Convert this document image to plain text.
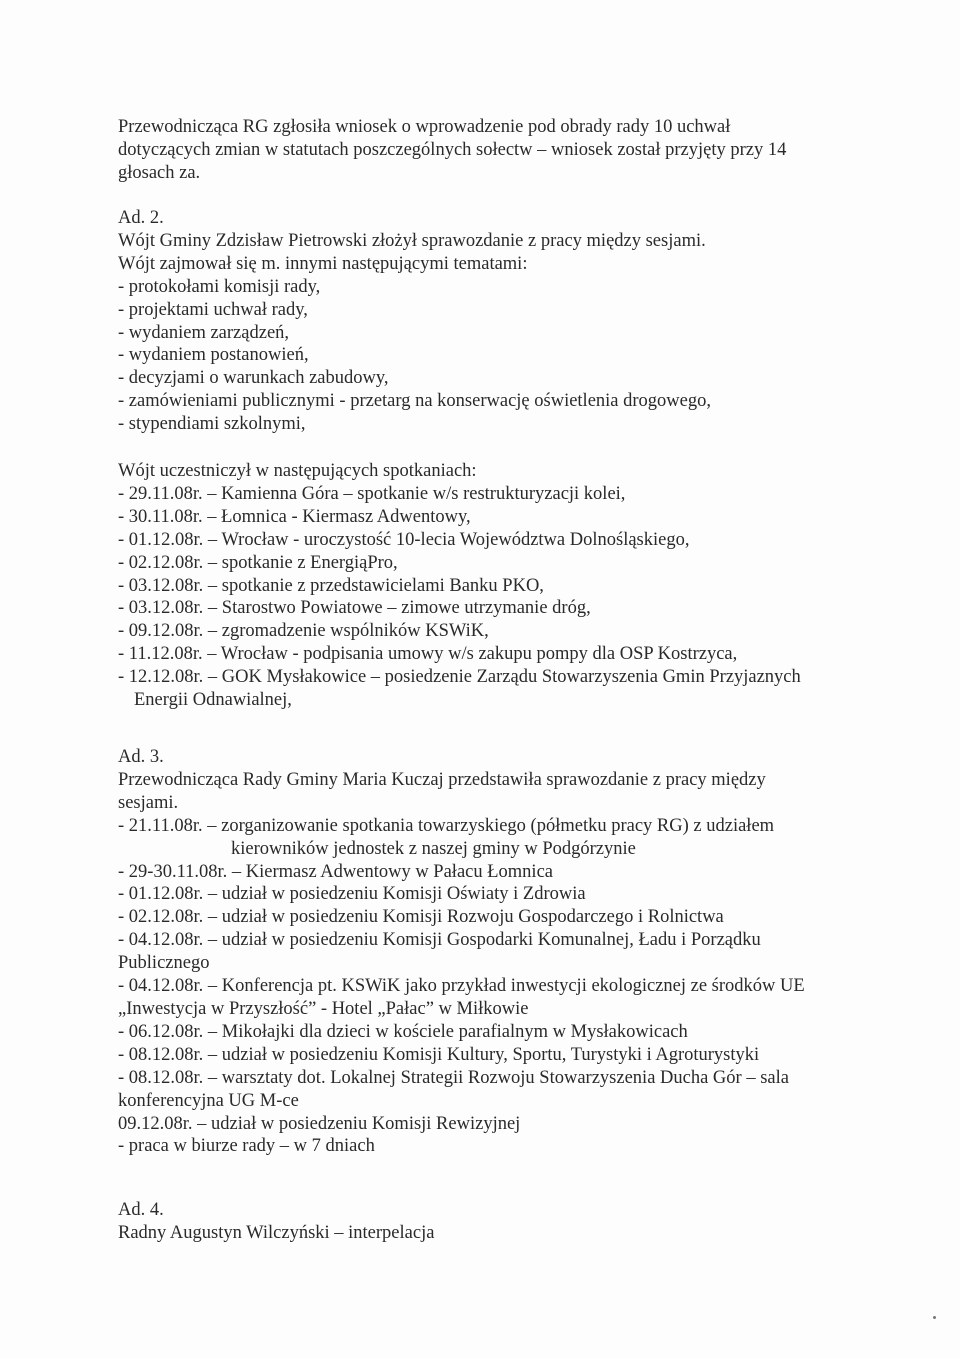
Przewodnicząca RG zgłosiła wniosek o wprowadzenie pod obrady rady 10 uchwał

dotyczących zmian w statutach poszczególnych sołectw – wniosek został przyjęty przy 14

głosach za.

Ad. 2.

Wójt Gminy Zdzisław Pietrowski złożył sprawozdanie z pracy między sesjami.

Wójt zajmował się m. innymi następującymi tematami:

- protokołami komisji rady,

- projektami uchwał rady,

- wydaniem zarządzeń,

- wydaniem postanowień,

- decyzjami o warunkach zabudowy,

- zamówieniami publicznymi - przetarg na konserwację oświetlenia drogowego,

- stypendiami szkolnymi,

Wójt uczestniczył w następujących spotkaniach:

- 29.11.08r. – Kamienna Góra – spotkanie w/s restrukturyzacji kolei,

- 30.11.08r. – Łomnica - Kiermasz Adwentowy,

- 01.12.08r. – Wrocław - uroczystość 10-lecia Województwa Dolnośląskiego,

- 02.12.08r. – spotkanie z EnergiąPro,

- 03.12.08r. – spotkanie z przedstawicielami Banku PKO,

- 03.12.08r. – Starostwo Powiatowe – zimowe utrzymanie dróg,

- 09.12.08r. – zgromadzenie wspólników KSWiK,

- 11.12.08r. – Wrocław - podpisania umowy w/s zakupu pompy dla OSP Kostrzyca,

- 12.12.08r. – GOK Mysłakowice – posiedzenie Zarządu Stowarzyszenia Gmin Przyjaznych

Energii Odnawialnej,

Ad. 3.

Przewodnicząca Rady Gminy Maria Kuczaj przedstawiła sprawozdanie z pracy między

sesjami.

- 21.11.08r. – zorganizowanie spotkania towarzyskiego (półmetku pracy RG) z udziałem

kierowników jednostek z naszej gminy w Podgórzynie

- 29-30.11.08r. – Kiermasz Adwentowy w Pałacu Łomnica

- 01.12.08r. – udział w posiedzeniu Komisji Oświaty i Zdrowia

- 02.12.08r. – udział w posiedzeniu Komisji Rozwoju Gospodarczego i Rolnictwa

- 04.12.08r. – udział w posiedzeniu Komisji Gospodarki Komunalnej, Ładu i Porządku

Publicznego

- 04.12.08r. – Konferencja pt. KSWiK jako przykład inwestycji ekologicznej ze środków UE

„Inwestycja w Przyszłość” - Hotel „Pałac” w Miłkowie

- 06.12.08r. – Mikołajki dla dzieci w kościele parafialnym w Mysłakowicach

- 08.12.08r. – udział w posiedzeniu Komisji Kultury, Sportu, Turystyki i Agroturystyki

- 08.12.08r. – warsztaty dot. Lokalnej Strategii Rozwoju Stowarzyszenia Ducha Gór – sala

konferencyjna UG M-ce

09.12.08r. – udział w posiedzeniu Komisji Rewizyjnej

- praca w biurze rady – w 7 dniach

Ad. 4.

Radny Augustyn Wilczyński – interpelacja
